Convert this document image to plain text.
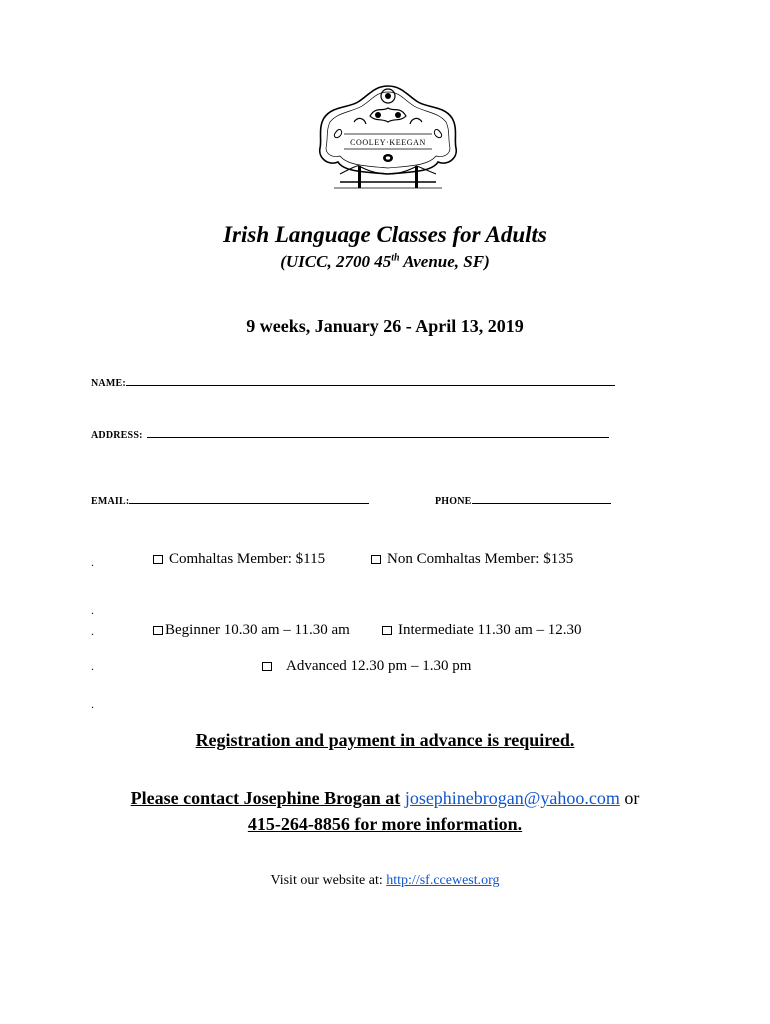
COOLEY·KEEGAN
Irish Language Classes for Adults
(UICC, 2700 45th Avenue, SF)
9 weeks, January 26 - April 13, 2019
NAME:
ADDRESS:
EMAIL:	PHONE
.
.
.
.
.
Comhaltas Member: $115	Non Comhaltas Member: $135
Beginner 10.30 am – 11.30 am	Intermediate 11.30 am – 12.30
Advanced 12.30 pm – 1.30 pm
Registration and payment in advance is required.
Please contact Josephine Brogan at josephinebrogan@yahoo.com or
415-264-8856 for more information.
Visit our website at: http://sf.ccewest.org
